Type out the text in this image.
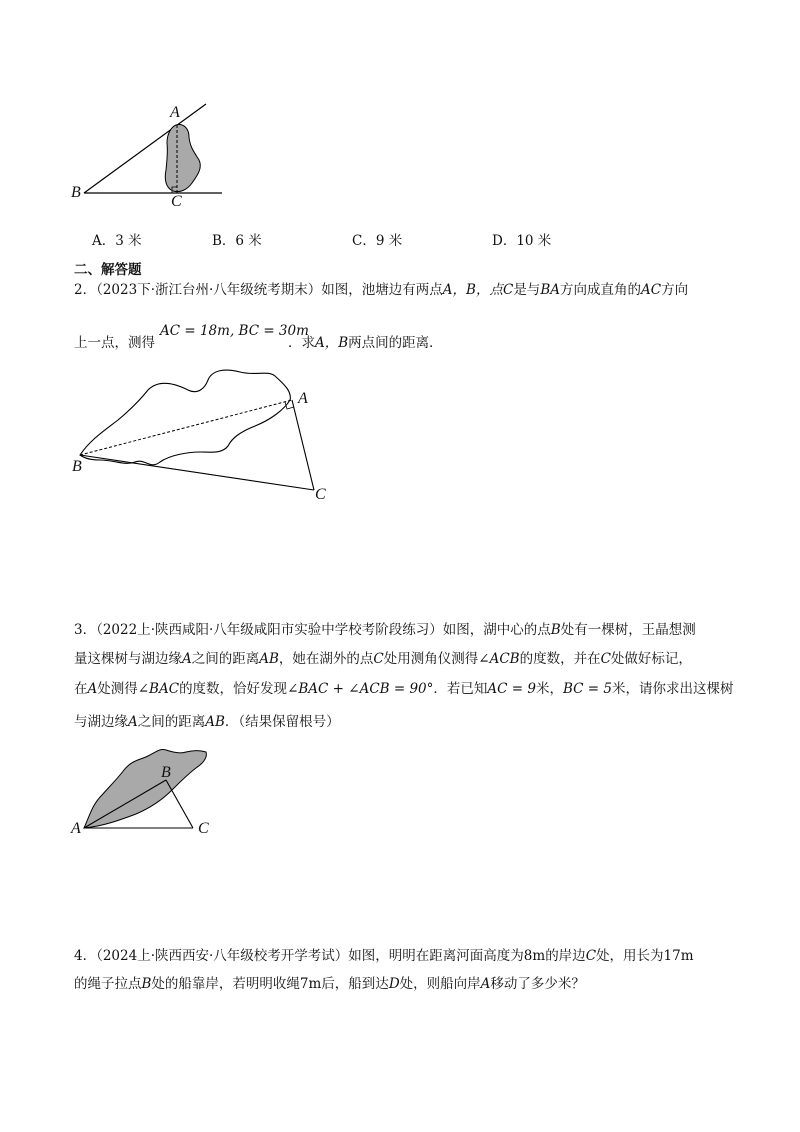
A
B
C
A．3 米	B．6 米	C．9 米	D．10 米
二、解答题
2．（2023下·浙江台州·八年级统考期末）如图，池塘边有两点A，B，点C是与BA方向成直角的AC方向
上一点，测得
AC = 18m, BC = 30m
．求A，B两点间的距离．
A
B
C
3．（2022上·陕西咸阳·八年级咸阳市实验中学校考阶段练习）如图，湖中心的点B处有一棵树，王晶想测
量这棵树与湖边缘A之间的距离AB，她在湖外的点C处用测角仪测得∠ACB的度数，并在C处做好标记，
在A处测得∠BAC的度数，恰好发现∠BAC + ∠ACB = 90°．若已知AC = 9米，BC = 5米，请你求出这棵树
与湖边缘A之间的距离AB．（结果保留根号）
A
B
C
4．（2024上·陕西西安·八年级校考开学考试）如图，明明在距离河面高度为8m的岸边C处，用长为17m
的绳子拉点B处的船靠岸，若明明收绳7m后，船到达D处，则船向岸A移动了多少米？
